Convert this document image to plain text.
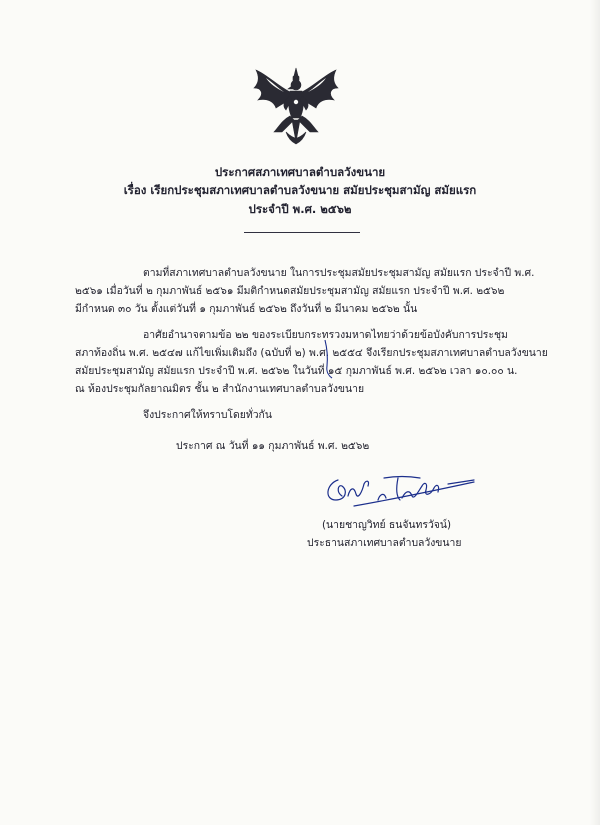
ประกาศสภาเทศบาลตำบลวังขนาย
เรื่อง เรียกประชุมสภาเทศบาลตำบลวังขนาย สมัยประชุมสามัญ สมัยแรก
ประจำปี พ.ศ. ๒๕๖๒
ตามที่สภาเทศบาลตำบลวังขนาย ในการประชุมสมัยประชุมสามัญ สมัยแรก ประจำปี พ.ศ.
๒๕๖๑ เมื่อวันที่ ๒ กุมภาพันธ์ ๒๕๖๑ มีมติกำหนดสมัยประชุมสามัญ สมัยแรก ประจำปี พ.ศ. ๒๕๖๒
มีกำหนด ๓๐ วัน ตั้งแต่วันที่ ๑ กุมภาพันธ์ ๒๕๖๒ ถึงวันที่ ๒ มีนาคม ๒๕๖๒ นั้น
อาศัยอำนาจตามข้อ ๒๒ ของระเบียบกระทรวงมหาดไทยว่าด้วยข้อบังคับการประชุม
สภาท้องถิ่น พ.ศ. ๒๕๔๗ แก้ไขเพิ่มเติมถึง (ฉบับที่ ๒) พ.ศ. ๒๕๕๔ จึงเรียกประชุมสภาเทศบาลตำบลวังขนาย
สมัยประชุมสามัญ สมัยแรก ประจำปี พ.ศ. ๒๕๖๒ ในวันที่ ๑๕ กุมภาพันธ์ พ.ศ. ๒๕๖๒ เวลา ๑๐.๐๐ น.
ณ ห้องประชุมกัลยาณมิตร ชั้น ๒ สำนักงานเทศบาลตำบลวังขนาย
จึงประกาศให้ทราบโดยทั่วกัน
ประกาศ ณ วันที่ ๑๑ กุมภาพันธ์ พ.ศ. ๒๕๖๒
(นายชาญวิทย์ ธนจันทรวัจน์)
ประธานสภาเทศบาลตำบลวังขนาย
